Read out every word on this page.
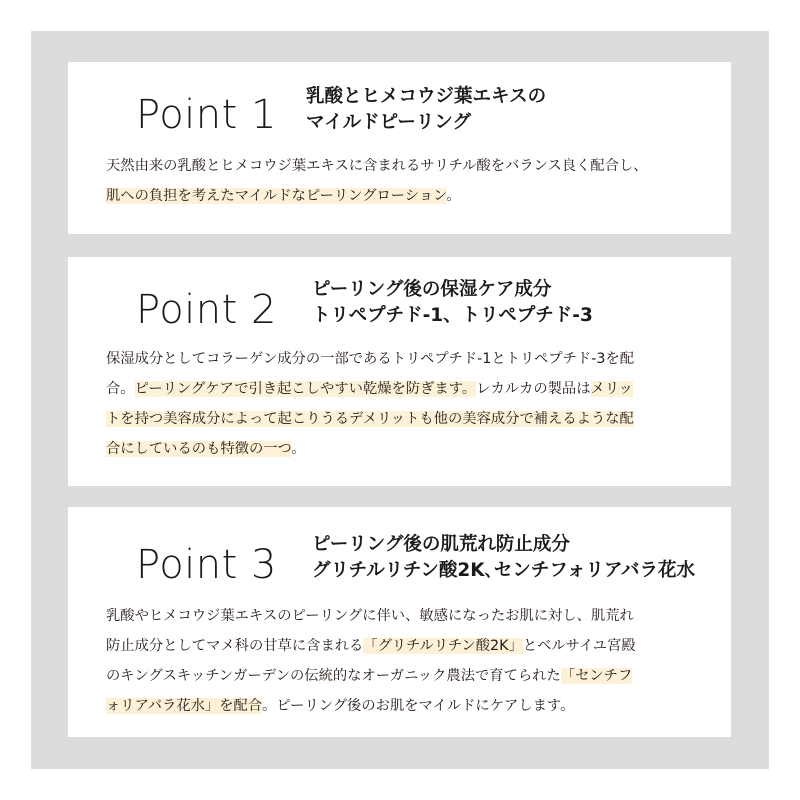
Point 1 乳酸とヒメコウジ葉エキスの
マイルドピーリング
天然由来の乳酸とヒメコウジ葉エキスに含まれるサリチル酸をバランス良く配合し、
肌への負担を考えたマイルドなピーリングローション。
Point 2 ピーリング後の保湿ケア成分
トリペプチド-1、トリペプチド-3
保湿成分としてコラーゲン成分の一部であるトリペプチド-1とトリペプチド-3を配
合。ピーリングケアで引き起こしやすい乾燥を防ぎます。レカルカの製品はメリッ
トを持つ美容成分によって起こりうるデメリットも他の美容成分で補えるような配
合にしているのも特徴の一つ。
Point 3 ピーリング後の肌荒れ防止成分
グリチルリチン酸2K､センチフォリアバラ花水
乳酸やヒメコウジ葉エキスのピーリングに伴い、敏感になったお肌に対し、肌荒れ
防止成分としてマメ科の甘草に含まれる「グリチルリチン酸2K」とベルサイユ宮殿
のキングスキッチンガーデンの伝統的なオーガニック農法で育てられた「センチフ
ォリアバラ花水」を配合。ピーリング後のお肌をマイルドにケアします。
